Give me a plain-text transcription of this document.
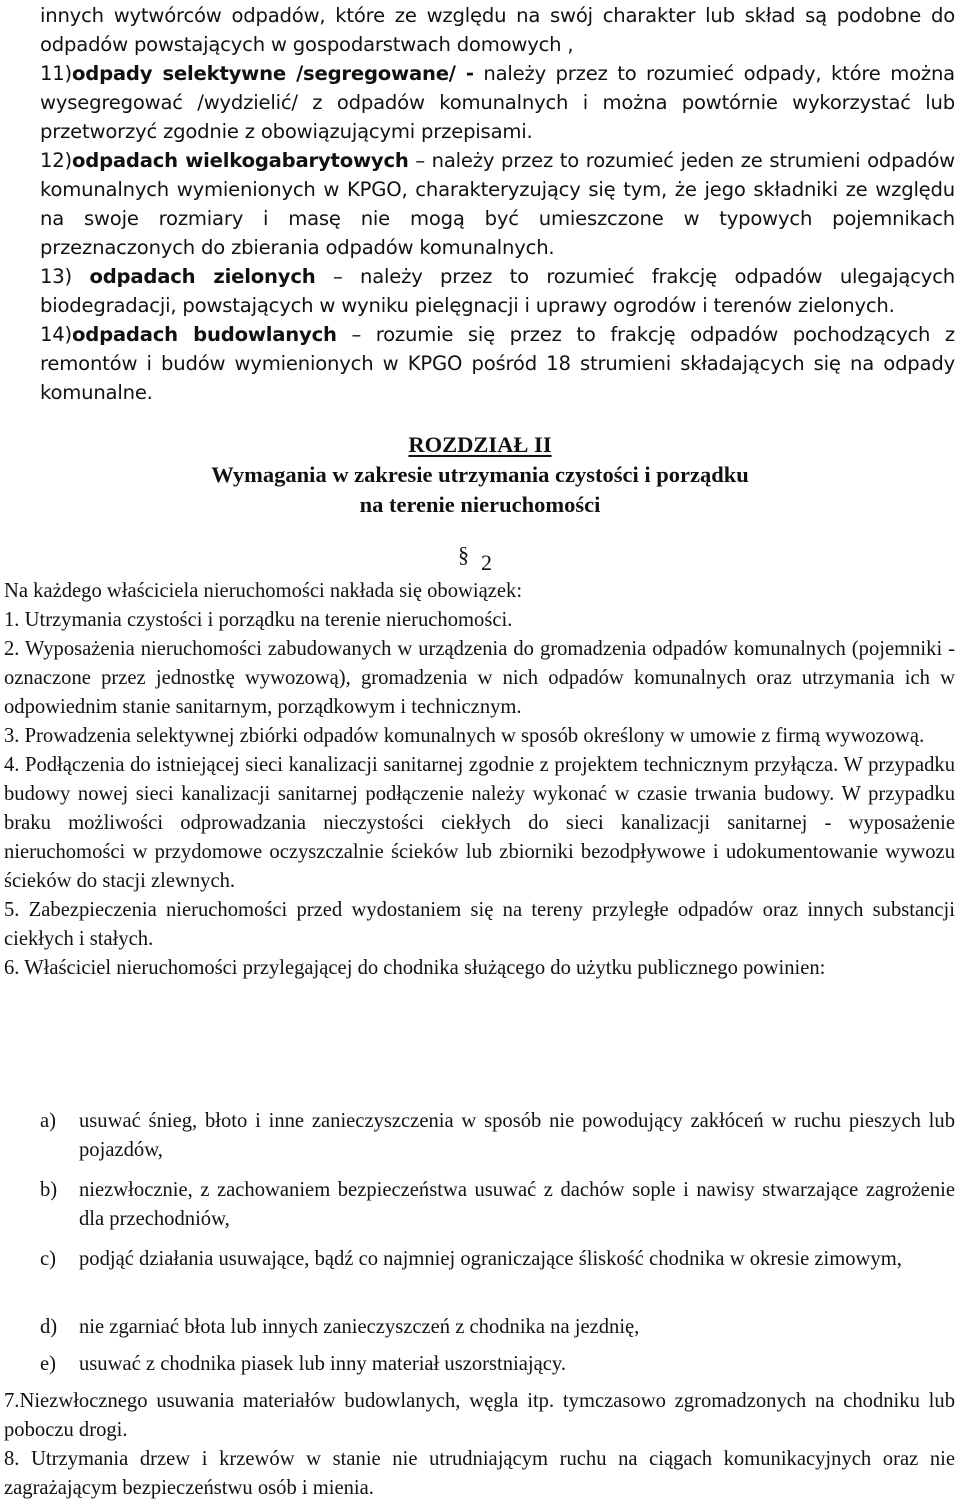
innych wytwórców odpadów, które ze względu na swój charakter lub skład są podobne do

odpadów powstających w gospodarstwach domowych ,

11)odpady selektywne /segregowane/ - należy przez to rozumieć odpady, które można wysegregować /wydzielić/ z odpadów komunalnych i można powtórnie wykorzystać lub przetworzyć zgodnie z obowiązującymi przepisami.

12)odpadach wielkogabarytowych – należy przez to rozumieć jeden ze strumieni odpadów komunalnych wymienionych w KPGO, charakteryzujący się tym, że jego składniki ze względu na swoje rozmiary i masę nie mogą być umieszczone w typowych pojemnikach przeznaczonych do zbierania odpadów komunalnych.

13) odpadach zielonych – należy przez to rozumieć frakcję odpadów ulegających biodegradacji, powstających w wyniku pielęgnacji i uprawy ogrodów i terenów zielonych.

14)odpadach budowlanych – rozumie się przez to frakcję odpadów pochodzących z remontów i budów wymienionych w KPGO pośród 18 strumieni składających się na odpady komunalne.

ROZDZIAŁ II
Wymagania w zakresie utrzymania czystości i porządku
na terenie nieruchomości
§ 2

Na każdego właściciela nieruchomości nakłada się obowiązek:

1. Utrzymania czystości i porządku na terenie nieruchomości.

2. Wyposażenia nieruchomości zabudowanych w urządzenia do gromadzenia odpadów komunalnych (pojemniki - oznaczone przez jednostkę wywozową), gromadzenia w nich odpadów komunalnych oraz utrzymania ich w odpowiednim stanie sanitarnym, porządkowym i technicznym.

3. Prowadzenia selektywnej zbiórki odpadów komunalnych w sposób określony w umowie z firmą wywozową.

4. Podłączenia do istniejącej sieci kanalizacji sanitarnej zgodnie z projektem technicznym przyłącza. W przypadku budowy nowej sieci kanalizacji sanitarnej podłączenie należy wykonać w czasie trwania budowy. W przypadku braku możliwości odprowadzania nieczystości ciekłych do sieci kanalizacji sanitarnej - wyposażenie nieruchomości w przydomowe oczyszczalnie ścieków lub zbiorniki bezodpływowe i udokumentowanie wywozu ścieków do stacji zlewnych.

5. Zabezpieczenia nieruchomości przed wydostaniem się na tereny przyległe odpadów oraz innych substancji ciekłych i stałych.

6. Właściciel nieruchomości przylegającej do chodnika służącego do użytku publicznego powinien:

a) usuwać śnieg, błoto i inne zanieczyszczenia w sposób nie powodujący zakłóceń w ruchu pieszych lub pojazdów,

b) niezwłocznie, z zachowaniem bezpieczeństwa usuwać z dachów sople i nawisy stwarzające zagrożenie dla przechodniów,

c) podjąć działania usuwające, bądź co najmniej ograniczające śliskość chodnika w okresie zimowym,

d) nie zgarniać błota lub innych zanieczyszczeń z chodnika na jezdnię,

e) usuwać z chodnika piasek lub inny materiał uszorstniający.

7.Niezwłocznego usuwania materiałów budowlanych, węgla itp. tymczasowo zgromadzonych na chodniku lub poboczu drogi.

8. Utrzymania drzew i krzewów w stanie nie utrudniającym ruchu na ciągach komunikacyjnych oraz nie zagrażającym bezpieczeństwu osób i mienia.
